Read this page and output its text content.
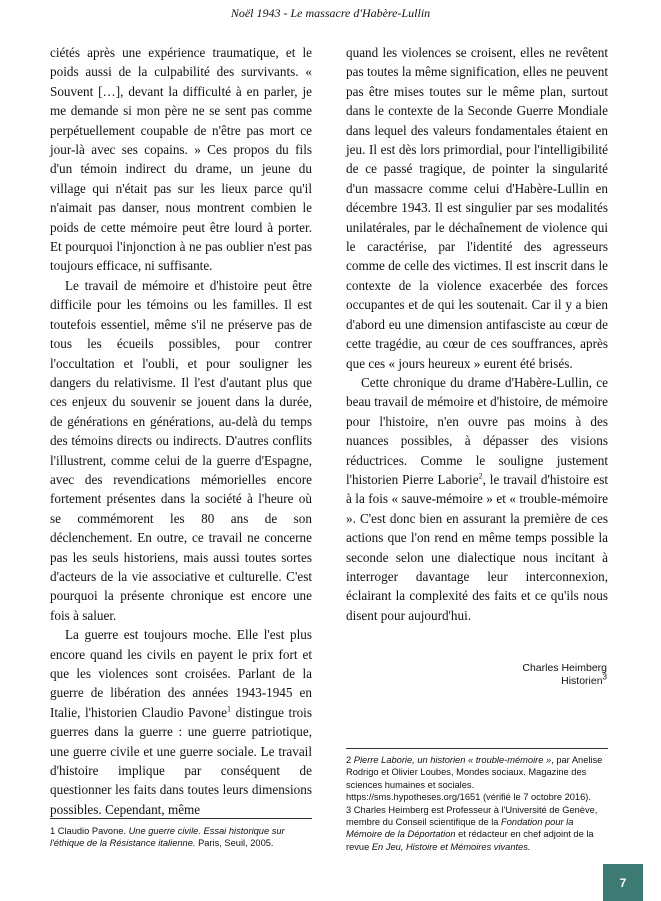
Noël 1943 - Le massacre d'Habère-Lullin

ciétés après une expérience traumatique, et le poids aussi de la culpabilité des survivants. « Souvent […], devant la difficulté à en parler, je me demande si mon père ne se sent pas comme perpétuellement coupable de n'être pas mort ce jour-là avec ses copains. » Ces propos du fils d'un témoin indirect du drame, un jeune du village qui n'était pas sur les lieux parce qu'il n'aimait pas danser, nous montrent combien le poids de cette mémoire peut être lourd à porter. Et pourquoi l'injonction à ne pas oublier n'est pas toujours efficace, ni suffisante.

Le travail de mémoire et d'histoire peut être difficile pour les témoins ou les familles. Il est toutefois essentiel, même s'il ne préserve pas de tous les écueils possibles, pour contrer l'occultation et l'oubli, et pour souligner les dangers du relativisme. Il l'est d'autant plus que ces enjeux du souvenir se jouent dans la durée, de générations en générations, au-delà du temps des témoins directs ou indirects. D'autres conflits l'illustrent, comme celui de la guerre d'Espagne, avec des revendications mémorielles encore fortement présentes dans la société à l'heure où se commémorent les 80 ans de son déclenchement. En outre, ce travail ne concerne pas les seuls historiens, mais aussi toutes sortes d'acteurs de la vie associative et culturelle. C'est pourquoi la présente chronique est encore une fois à saluer.

La guerre est toujours moche. Elle l'est plus encore quand les civils en payent le prix fort et que les violences sont croisées. Parlant de la guerre de libération des années 1943-1945 en Italie, l'historien Claudio Pavone$^1$ distingue trois guerres dans la guerre : une guerre patriotique, une guerre civile et une guerre sociale. Le travail d'histoire implique par conséquent de questionner les faits dans toutes leurs dimensions possibles. Cependant, même

quand les violences se croisent, elles ne revêtent pas toutes la même signification, elles ne peuvent pas être mises toutes sur le même plan, surtout dans le contexte de la Seconde Guerre Mondiale dans lequel des valeurs fondamentales étaient en jeu. Il est dès lors primordial, pour l'intelligibilité de ce passé tragique, de pointer la singularité d'un massacre comme celui d'Habère-Lullin en décembre 1943. Il est singulier par ses modalités unilatérales, par le déchaînement de violence qui le caractérise, par l'identité des agresseurs comme de celle des victimes. Il est inscrit dans le contexte de la violence exacerbée des forces occupantes et de qui les soutenait. Car il y a bien d'abord eu une dimension antifasciste au cœur de cette tragédie, au cœur de ces souffrances, après que ces « jours heureux » eurent été brisés.

Cette chronique du drame d'Habère-Lullin, ce beau travail de mémoire et d'histoire, de mémoire pour l'histoire, n'en ouvre pas moins à des nuances possibles, à dépasser des visions réductrices. Comme le souligne justement l'historien Pierre Laborie$^2$, le travail d'histoire est à la fois « sauve-mémoire » et « trouble-mémoire ». C'est donc bien en assurant la première de ces actions que l'on rend en même temps possible la seconde selon une dialectique nous incitant à interroger davantage leur interconnexion, éclairant la complexité des faits et ce qu'ils nous disent pour aujourd'hui.

Charles Heimberg
Historien$^3$

2 Pierre Laborie, un historien « trouble-mémoire », par Anelise Rodrigo et Olivier Loubes, Mondes sociaux. Magazine des sciences humaines et sociales. https://sms.hypotheses.org/1651 (vérifié le 7 octobre 2016).

3 Charles Heimberg est Professeur à l'Université de Genève, membre du Conseil scientifique de la Fondation pour la Mémoire de la Déportation et rédacteur en chef adjoint de la revue En Jeu, Histoire et Mémoires vivantes.

1 Claudio Pavone. Une guerre civile. Essai historique sur l'éthique de la Résistance italienne. Paris, Seuil, 2005.

7
